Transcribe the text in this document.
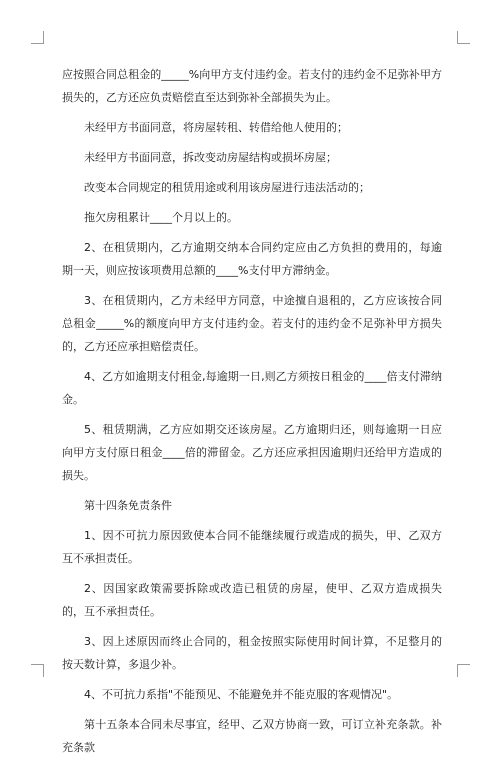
应按照合同总租金的_____%向甲方支付违约金。若支付的违约金不足弥补甲方损失的，乙方还应负责赔偿直至达到弥补全部损失为止。

未经甲方书面同意，将房屋转租、转借给他人使用的；

未经甲方书面同意，拆改变动房屋结构或损坏房屋；

改变本合同规定的租赁用途或利用该房屋进行违法活动的；

拖欠房租累计____个月以上的。

2、在租赁期内，乙方逾期交纳本合同约定应由乙方负担的费用的，每逾期一天，则应按该项费用总额的____%支付甲方滞纳金。

3、在租赁期内，乙方未经甲方同意，中途擅自退租的，乙方应该按合同总租金_____%的额度向甲方支付违约金。若支付的违约金不足弥补甲方损失的，乙方还应承担赔偿责任。

4、乙方如逾期支付租金,每逾期一日,则乙方须按日租金的____倍支付滞纳金。

5、租赁期满，乙方应如期交还该房屋。乙方逾期归还，则每逾期一日应向甲方支付原日租金____倍的滞留金。乙方还应承担因逾期归还给甲方造成的损失。

第十四条免责条件

1、因不可抗力原因致使本合同不能继续履行或造成的损失，甲、乙双方互不承担责任。

2、因国家政策需要拆除或改造已租赁的房屋，使甲、乙双方造成损失的，互不承担责任。

3、因上述原因而终止合同的，租金按照实际使用时间计算，不足整月的按天数计算，多退少补。

4、不可抗力系指"不能预见、不能避免并不能克服的客观情况"。

第十五条本合同未尽事宜，经甲、乙双方协商一致，可订立补充条款。补充条款
